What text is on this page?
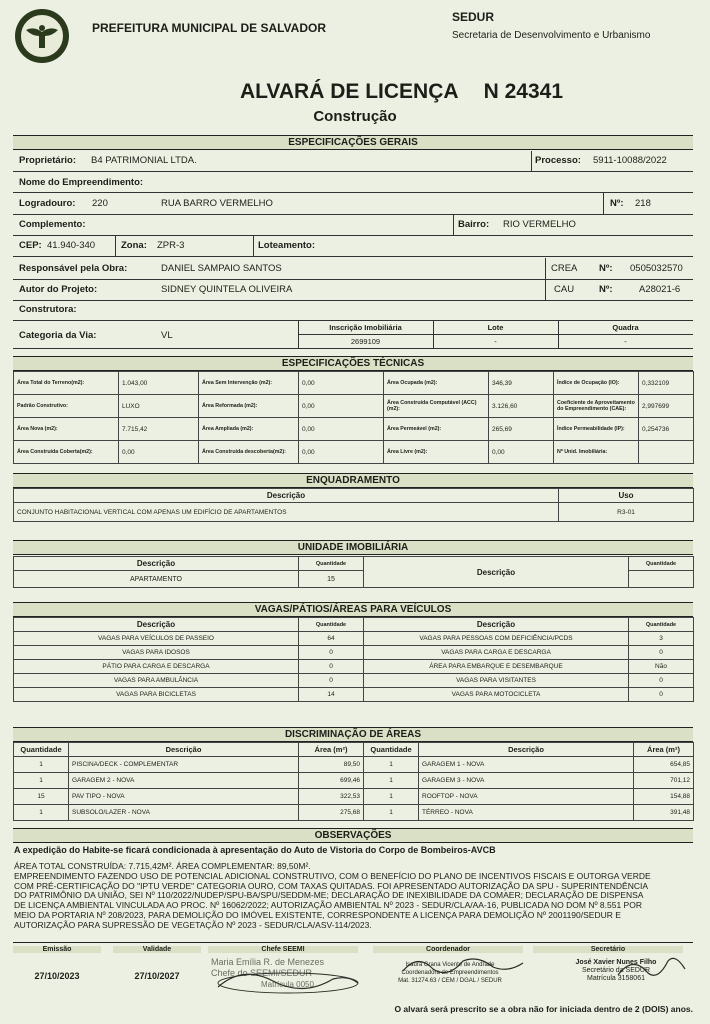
PREFEITURA MUNICIPAL DE SALVADOR
SEDUR
Secretaria de Desenvolvimento e Urbanismo
ALVARÁ DE LICENÇA N 24341
Construção
ESPECIFICAÇÕES GERAIS
Proprietário: B4 PATRIMONIAL LTDA.	Processo: 5911-10088/2022
Nome do Empreendimento:
Logradouro: 220	RUA BARRO VERMELHO	Nº: 218
Complemento:	Bairro: RIO VERMELHO
CEP: 41.940-340	Zona: ZPR-3	Loteamento:
Responsável pela Obra:	DANIEL SAMPAIO SANTOS	CREA Nº: 0505032570
Autor do Projeto:	SIDNEY QUINTELA OLIVEIRA	CAU	Nº:	A28021-6
Construtora:
Categoria da Via:	VL
Inscrição Imobiliária
2699109
Lote
-
Quadra
-
ESPECIFICAÇÕES TÉCNICAS
Área Total do Terreno(m2):	1.043,00	Área Sem Intervenção (m2):	0,00	Área Ocupada (m2):	346,39	Índice de Ocupação (IO):	0,332109
Padrão Construtivo:	LUXO	Área Reformada (m2):	0,00	Área Construída Computável (ACC) (m2):	3.126,60	Coeficiente de Aproveitamento do Empreendimento (CAE):	2,997699
Área Nova (m2):	7.715,42	Área Ampliada (m2):	0,00	Área Permeável (m2):	265,69	Índice Permeabilidade (IP):	0,254736
Área Construída Coberta(m2):	0,00	Área Construída descoberta(m2):	0,00	Área Livre (m2):	0,00	Nº Unid. Imobiliária:	
ENQUADRAMENTO
Descrição	Uso
CONJUNTO HABITACIONAL VERTICAL COM APENAS UM EDIFÍCIO DE APARTAMENTOS	R3-01
UNIDADE IMOBILIÁRIA
Descrição	Quantidade	Descrição	Quantidade
APARTAMENTO	15		
VAGAS/PÁTIOS/ÁREAS PARA VEÍCULOS
Descrição	Quantidade	Descrição	Quantidade
VAGAS PARA VEÍCULOS DE PASSEIO	64	VAGAS PARA PESSOAS COM DEFICIÊNCIA/PCDS	3
VAGAS PARA IDOSOS	0	VAGAS PARA CARGA E DESCARGA	0
PÁTIO PARA CARGA E DESCARGA	0	ÁREA PARA EMBARQUE E DESEMBARQUE	Não
VAGAS PARA AMBULÂNCIA	0	VAGAS PARA VISITANTES	0
VAGAS PARA BICICLETAS	14	VAGAS PARA MOTOCICLETA	0
DISCRIMINAÇÃO DE ÁREAS
Quantidade	Descrição	Área (m²)	Quantidade	Descrição	Área (m²)
1	PISCINA/DECK - COMPLEMENTAR	89,50	1	GARAGEM 1 - NOVA	654,85
1	GARAGEM 2 - NOVA	699,46	1	GARAGEM 3 - NOVA	701,12
15	PAV TIPO - NOVA	322,53	1	ROOFTOP - NOVA	154,88
1	SUBSOLO/LAZER - NOVA	275,68	1	TÉRREO - NOVA	391,48
OBSERVAÇÕES
A expedição do Habite-se ficará condicionada à apresentação do Auto de Vistoria do Corpo de Bombeiros-AVCB
ÁREA TOTAL CONSTRUÍDA: 7.715,42M². ÁREA COMPLEMENTAR: 89,50M².
EMPREENDIMENTO FAZENDO USO DE POTENCIAL ADICIONAL CONSTRUTIVO, COM O BENEFÍCIO DO PLANO DE INCENTIVOS FISCAIS E OUTORGA VERDE
COM PRÉ-CERTIFICAÇÃO DO "IPTU VERDE" CATEGORIA OURO, COM TAXAS QUITADAS. FOI APRESENTADO AUTORIZAÇÃO DA SPU - SUPERINTENDÊNCIA
DO PATRIMÔNIO DA UNIÃO, SEI Nº 110/2022/NUDEP/SPU-BA/SPU/SEDDM-ME; DECLARAÇÃO DE INEXIBILIDADE DA COMAER; DECLARAÇÃO DE DISPENSA
DE LICENÇA AMBIENTAL VINCULADA AO PROC. Nº 16062/2022; AUTORIZAÇÃO AMBIENTAL Nº 2023 - SEDUR/CLA/AA-16, PUBLICADA NO DOM Nº 8.551 POR
MEIO DA PORTARIA Nº 208/2023, PARA DEMOLIÇÃO DO IMÓVEL EXISTENTE, CORRESPONDENTE A LICENÇA PARA DEMOLIÇÃO Nº 2001190/SEDUR E
AUTORIZAÇÃO PARA SUPRESSÃO DE VEGETAÇÃO Nº 2023 - SEDUR/CLA/ASV-114/2023.
Emissão
27/10/2023
Validade
27/10/2027
Chefe SEEMI
Maria Emília R. de Menezes
Chefe do SEEMI/SEDUR
Matrícula 0050
Coordenador
Isaura Grana Vicente de Andrade
Coordenadora de Empreendimentos
Mat. 31274.63 / CEM / DGAL / SEDUR
Secretário
José Xavier Nunes Filho
Secretário da SEDUR
Matrícula 3158061
O alvará será prescrito se a obra não for iniciada dentro de 2 (DOIS) anos.
